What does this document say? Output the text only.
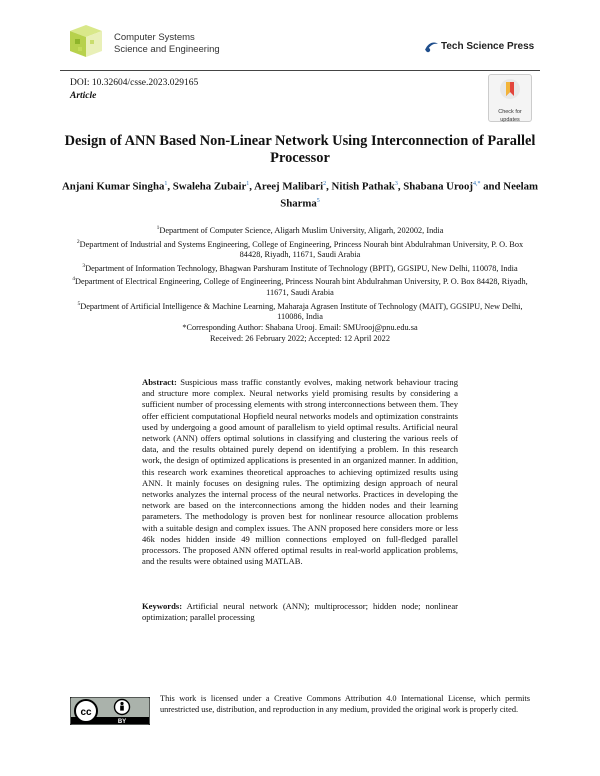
Computer Systems
Science and Engineering	Tech Science Press
DOI: 10.32604/csse.2023.029165
Article
Check for
updates
Design of ANN Based Non-Linear Network Using Interconnection of Parallel Processor
Anjani Kumar Singha$^1$, Swaleha Zubair$^1$, Areej Malibari$^2$, Nitish Pathak$^3$, Shabana Urooj$^{4,*}$ and Neelam Sharma$^5$
$^1$Department of Computer Science, Aligarh Muslim University, Aligarh, 202002, India
$^2$Department of Industrial and Systems Engineering, College of Engineering, Princess Nourah bint Abdulrahman University, P. O. Box 84428, Riyadh, 11671, Saudi Arabia
$^3$Department of Information Technology, Bhagwan Parshuram Institute of Technology (BPIT), GGSIPU, New Delhi, 110078, India
$^4$Department of Electrical Engineering, College of Engineering, Princess Nourah bint Abdulrahman University, P. O. Box 84428, Riyadh, 11671, Saudi Arabia
$^5$Department of Artificial Intelligence & Machine Learning, Maharaja Agrasen Institute of Technology (MAIT), GGSIPU, New Delhi, 110086, India
*Corresponding Author: Shabana Urooj. Email: SMUrooj@pnu.edu.sa
Received: 26 February 2022; Accepted: 12 April 2022
Abstract: Suspicious mass traffic constantly evolves, making network behaviour tracing and structure more complex. Neural networks yield promising results by considering a sufficient number of processing elements with strong interconnections between them. They offer efficient computational Hopfield neural networks models and optimization constraints used by undergoing a good amount of parallelism to yield optimal results. Artificial neural network (ANN) offers optimal solutions in classifying and clustering the various reels of data, and the results obtained purely depend on identifying a problem. In this research work, the design of optimized applications is presented in an organized manner. In addition, this research work examines theoretical approaches to achieving optimized results using ANN. It mainly focuses on designing rules. The optimizing design approach of neural networks analyzes the internal process of the neural networks. Practices in developing the network are based on the interconnections among the hidden nodes and their learning parameters. The methodology is proven best for nonlinear resource allocation problems with a suitable design and complex issues. The ANN proposed here considers more or less 46k nodes hidden inside 49 million connections employed on full-fledged parallel processors. The proposed ANN offered optimal results in real-world application problems, and the results were obtained using MATLAB.
Keywords: Artificial neural network (ANN); multiprocessor; hidden node; nonlinear optimization; parallel processing
cc
BY
This work is licensed under a Creative Commons Attribution 4.0 International License, which permits unrestricted use, distribution, and reproduction in any medium, provided the original work is properly cited.
